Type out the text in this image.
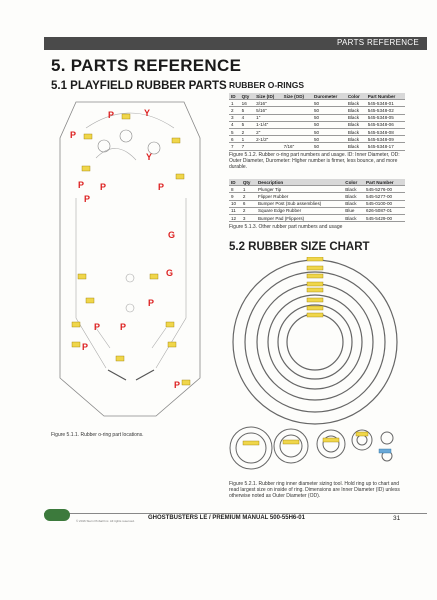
PARTS REFERENCE
5. PARTS REFERENCE
5.1 PLAYFIELD RUBBER PARTS
P
P	Y
Y
P P
P
P
G
G
P
P
P
P
P
Figure 5.1.1. Rubber o-ring part locations.
RUBBER O-RINGS
ID	Qty	Size (ID)	Size (OD)	Durometer	Color	Part Number
1	16	3/16"		50	Black	545-5348-01
2	5	5/16"		50	Black	545-5348-02
3	4	1"		50	Black	545-5348-05
4	5	1-1/4"		50	Black	545-5348-06
5	2	2"		50	Black	545-5348-08
6	1	2-1/2"		50	Black	545-5348-09
7	7		7/16"	50	Black	545-5348-17
Figure 5.1.2. Rubber o-ring part numbers and usage. ID: Inner Diameter, OD: Outer Diameter, Durometer: Higher number is firmer, less bounce, and more durable.
ID	Qty	Description	Color	Part Number
8	1	Plunger Tip	Black	545-5276-00
9	2	Flipper Rubber	Black	545-5277-00
10	6	Bumper Post (Sub assemblies)	Black	545-0100-00
11	2	Square Edge Rubber	Blue	626-5087-01
12	3	Bumper Pad (Flippers)	Black	545-5429-00
Figure 5.1.3. Other rubber part numbers and usage
5.2 RUBBER SIZE CHART
Figure 5.2.1. Rubber ring inner diameter sizing tool. Hold ring up to chart and read largest size on inside of ring. Dimensions are Inner Diameter (ID) unless otherwise noted as Outer Diameter (OD).
© 2016 Stern Pinball Inc. All rights reserved. GHOSTBUSTERS LE / PREMIUM MANUAL 500-55H6-01	31
